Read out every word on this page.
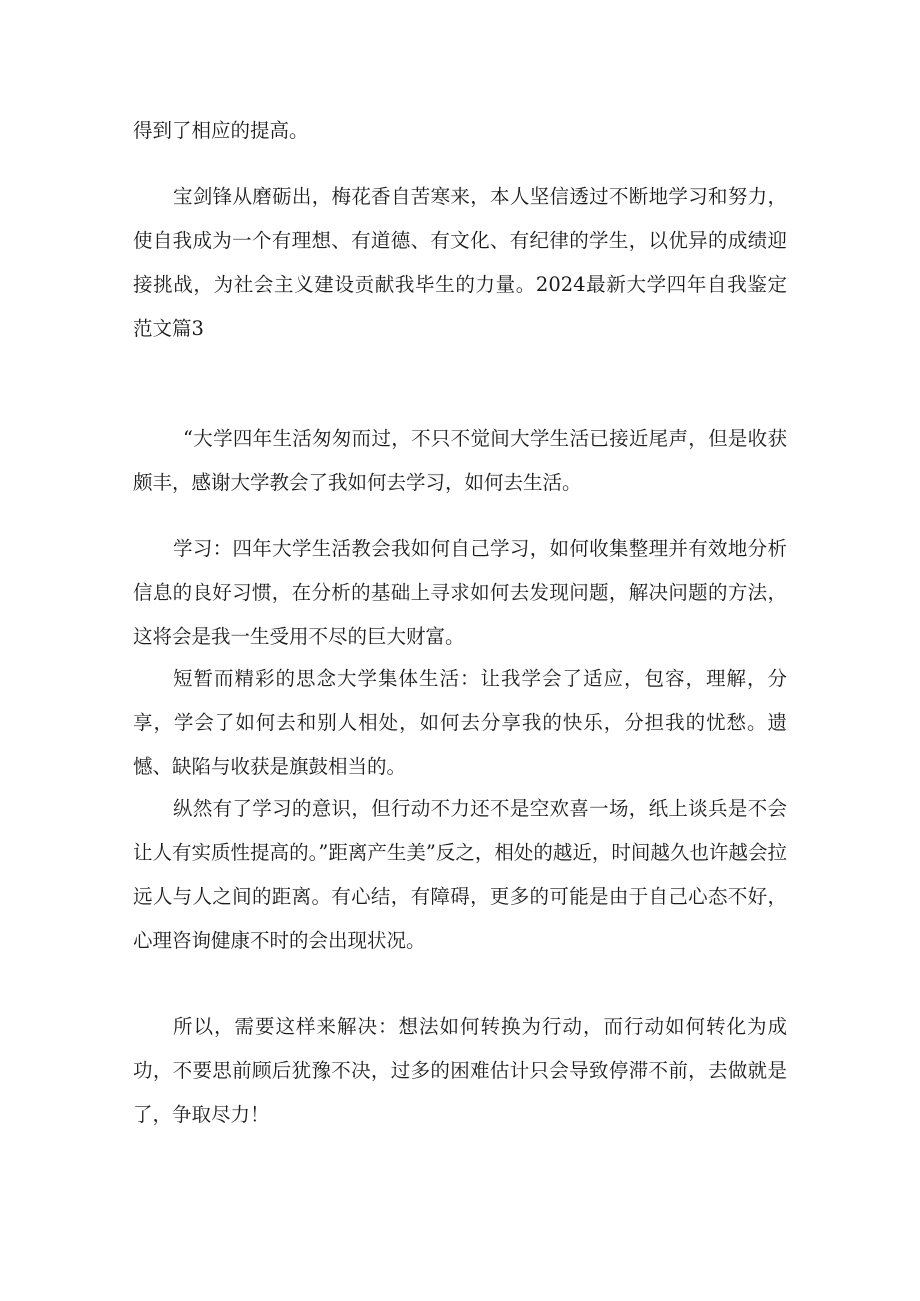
得到了相应的提高。

宝剑锋从磨砺出，梅花香自苦寒来，本人坚信透过不断地学习和努力，使自我成为一个有理想、有道德、有文化、有纪律的学生，以优异的成绩迎接挑战，为社会主义建设贡献我毕生的力量。2024最新大学四年自我鉴定范文篇3

“大学四年生活匆匆而过，不只不觉间大学生活已接近尾声，但是收获颇丰，感谢大学教会了我如何去学习，如何去生活。

学习：四年大学生活教会我如何自己学习，如何收集整理并有效地分析信息的良好习惯，在分析的基础上寻求如何去发现问题，解决问题的方法，这将会是我一生受用不尽的巨大财富。

短暂而精彩的思念大学集体生活：让我学会了适应，包容，理解，分享，学会了如何去和别人相处，如何去分享我的快乐，分担我的忧愁。遗憾、缺陷与收获是旗鼓相当的。

纵然有了学习的意识，但行动不力还不是空欢喜一场，纸上谈兵是不会让人有实质性提高的。”距离产生美”反之，相处的越近，时间越久也许越会拉远人与人之间的距离。有心结，有障碍，更多的可能是由于自己心态不好，心理咨询健康不时的会出现状况。

所以，需要这样来解决：想法如何转换为行动，而行动如何转化为成功，不要思前顾后犹豫不决，过多的困难估计只会导致停滞不前，去做就是了，争取尽力！
